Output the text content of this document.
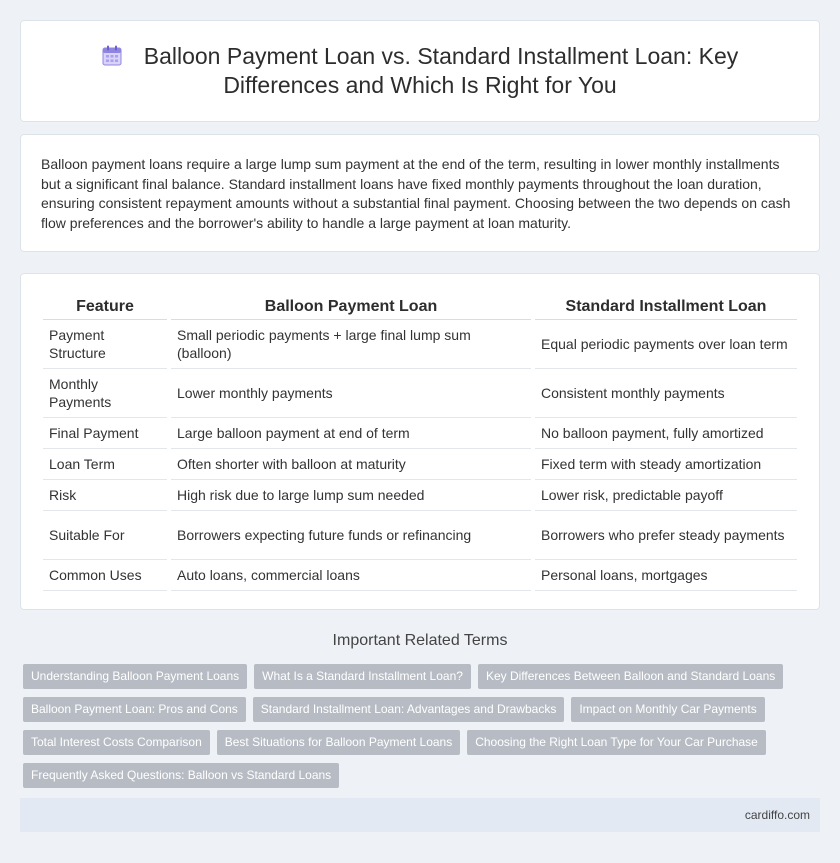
Balloon Payment Loan vs. Standard Installment Loan: Key Differences and Which Is Right for You
Balloon payment loans require a large lump sum payment at the end of the term, resulting in lower monthly installments but a significant final balance. Standard installment loans have fixed monthly payments throughout the loan duration, ensuring consistent repayment amounts without a substantial final payment. Choosing between the two depends on cash flow preferences and the borrower's ability to handle a large payment at loan maturity.
Feature	Balloon Payment Loan	Standard Installment Loan
Payment Structure	Small periodic payments + large final lump sum (balloon)	Equal periodic payments over loan term
Monthly Payments	Lower monthly payments	Consistent monthly payments
Final Payment	Large balloon payment at end of term	No balloon payment, fully amortized
Loan Term	Often shorter with balloon at maturity	Fixed term with steady amortization
Risk	High risk due to large lump sum needed	Lower risk, predictable payoff
Suitable For	Borrowers expecting future funds or refinancing	Borrowers who prefer steady payments
Common Uses	Auto loans, commercial loans	Personal loans, mortgages
Important Related Terms
Understanding Balloon Payment Loans	What Is a Standard Installment Loan?	Key Differences Between Balloon and Standard Loans
Balloon Payment Loan: Pros and Cons	Standard Installment Loan: Advantages and Drawbacks	Impact on Monthly Car Payments
Total Interest Costs Comparison	Best Situations for Balloon Payment Loans	Choosing the Right Loan Type for Your Car Purchase
Frequently Asked Questions: Balloon vs Standard Loans
cardiffo.com
